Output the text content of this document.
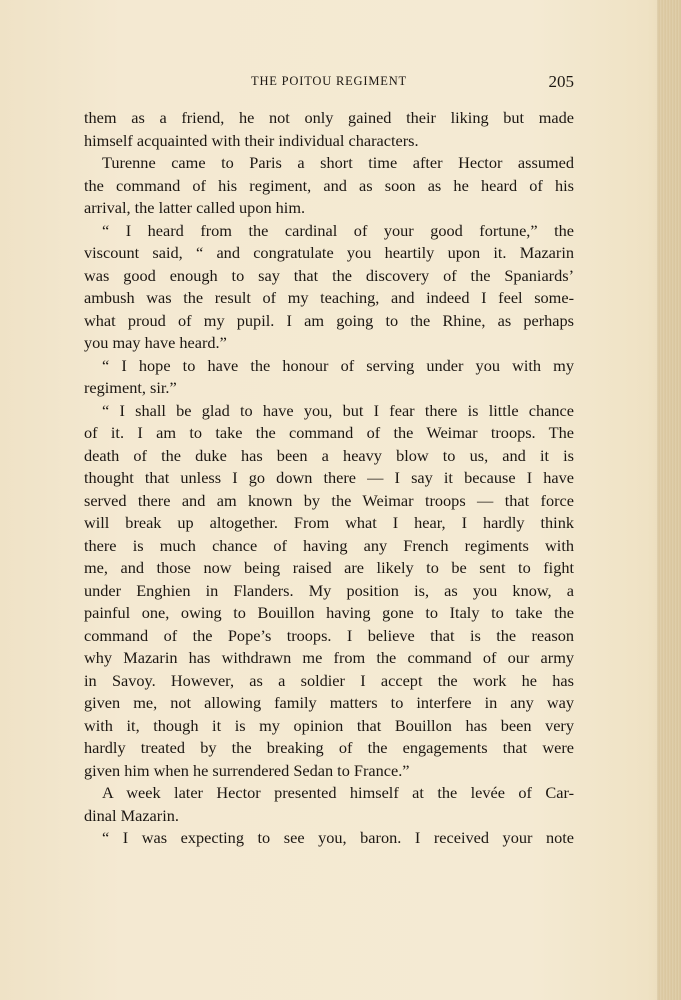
THE POITOU REGIMENT	205
them as a friend, he not only gained their liking but made
himself acquainted with their individual characters.
Turenne came to Paris a short time after Hector assumed
the command of his regiment, and as soon as he heard of his
arrival, the latter called upon him.
“ I heard from the cardinal of your good fortune,” the
viscount said, “ and congratulate you heartily upon it. Mazarin
was good enough to say that the discovery of the Spaniards’
ambush was the result of my teaching, and indeed I feel some-
what proud of my pupil. I am going to the Rhine, as perhaps
you may have heard.”
“ I hope to have the honour of serving under you with my
regiment, sir.”
“ I shall be glad to have you, but I fear there is little chance
of it. I am to take the command of the Weimar troops. The
death of the duke has been a heavy blow to us, and it is
thought that unless I go down there — I say it because I have
served there and am known by the Weimar troops — that force
will break up altogether. From what I hear, I hardly think
there is much chance of having any French regiments with
me, and those now being raised are likely to be sent to fight
under Enghien in Flanders. My position is, as you know, a
painful one, owing to Bouillon having gone to Italy to take the
command of the Pope’s troops. I believe that is the reason
why Mazarin has withdrawn me from the command of our army
in Savoy. However, as a soldier I accept the work he has
given me, not allowing family matters to interfere in any way
with it, though it is my opinion that Bouillon has been very
hardly treated by the breaking of the engagements that were
given him when he surrendered Sedan to France.”
A week later Hector presented himself at the levée of Car-
dinal Mazarin.
“ I was expecting to see you, baron. I received your note
